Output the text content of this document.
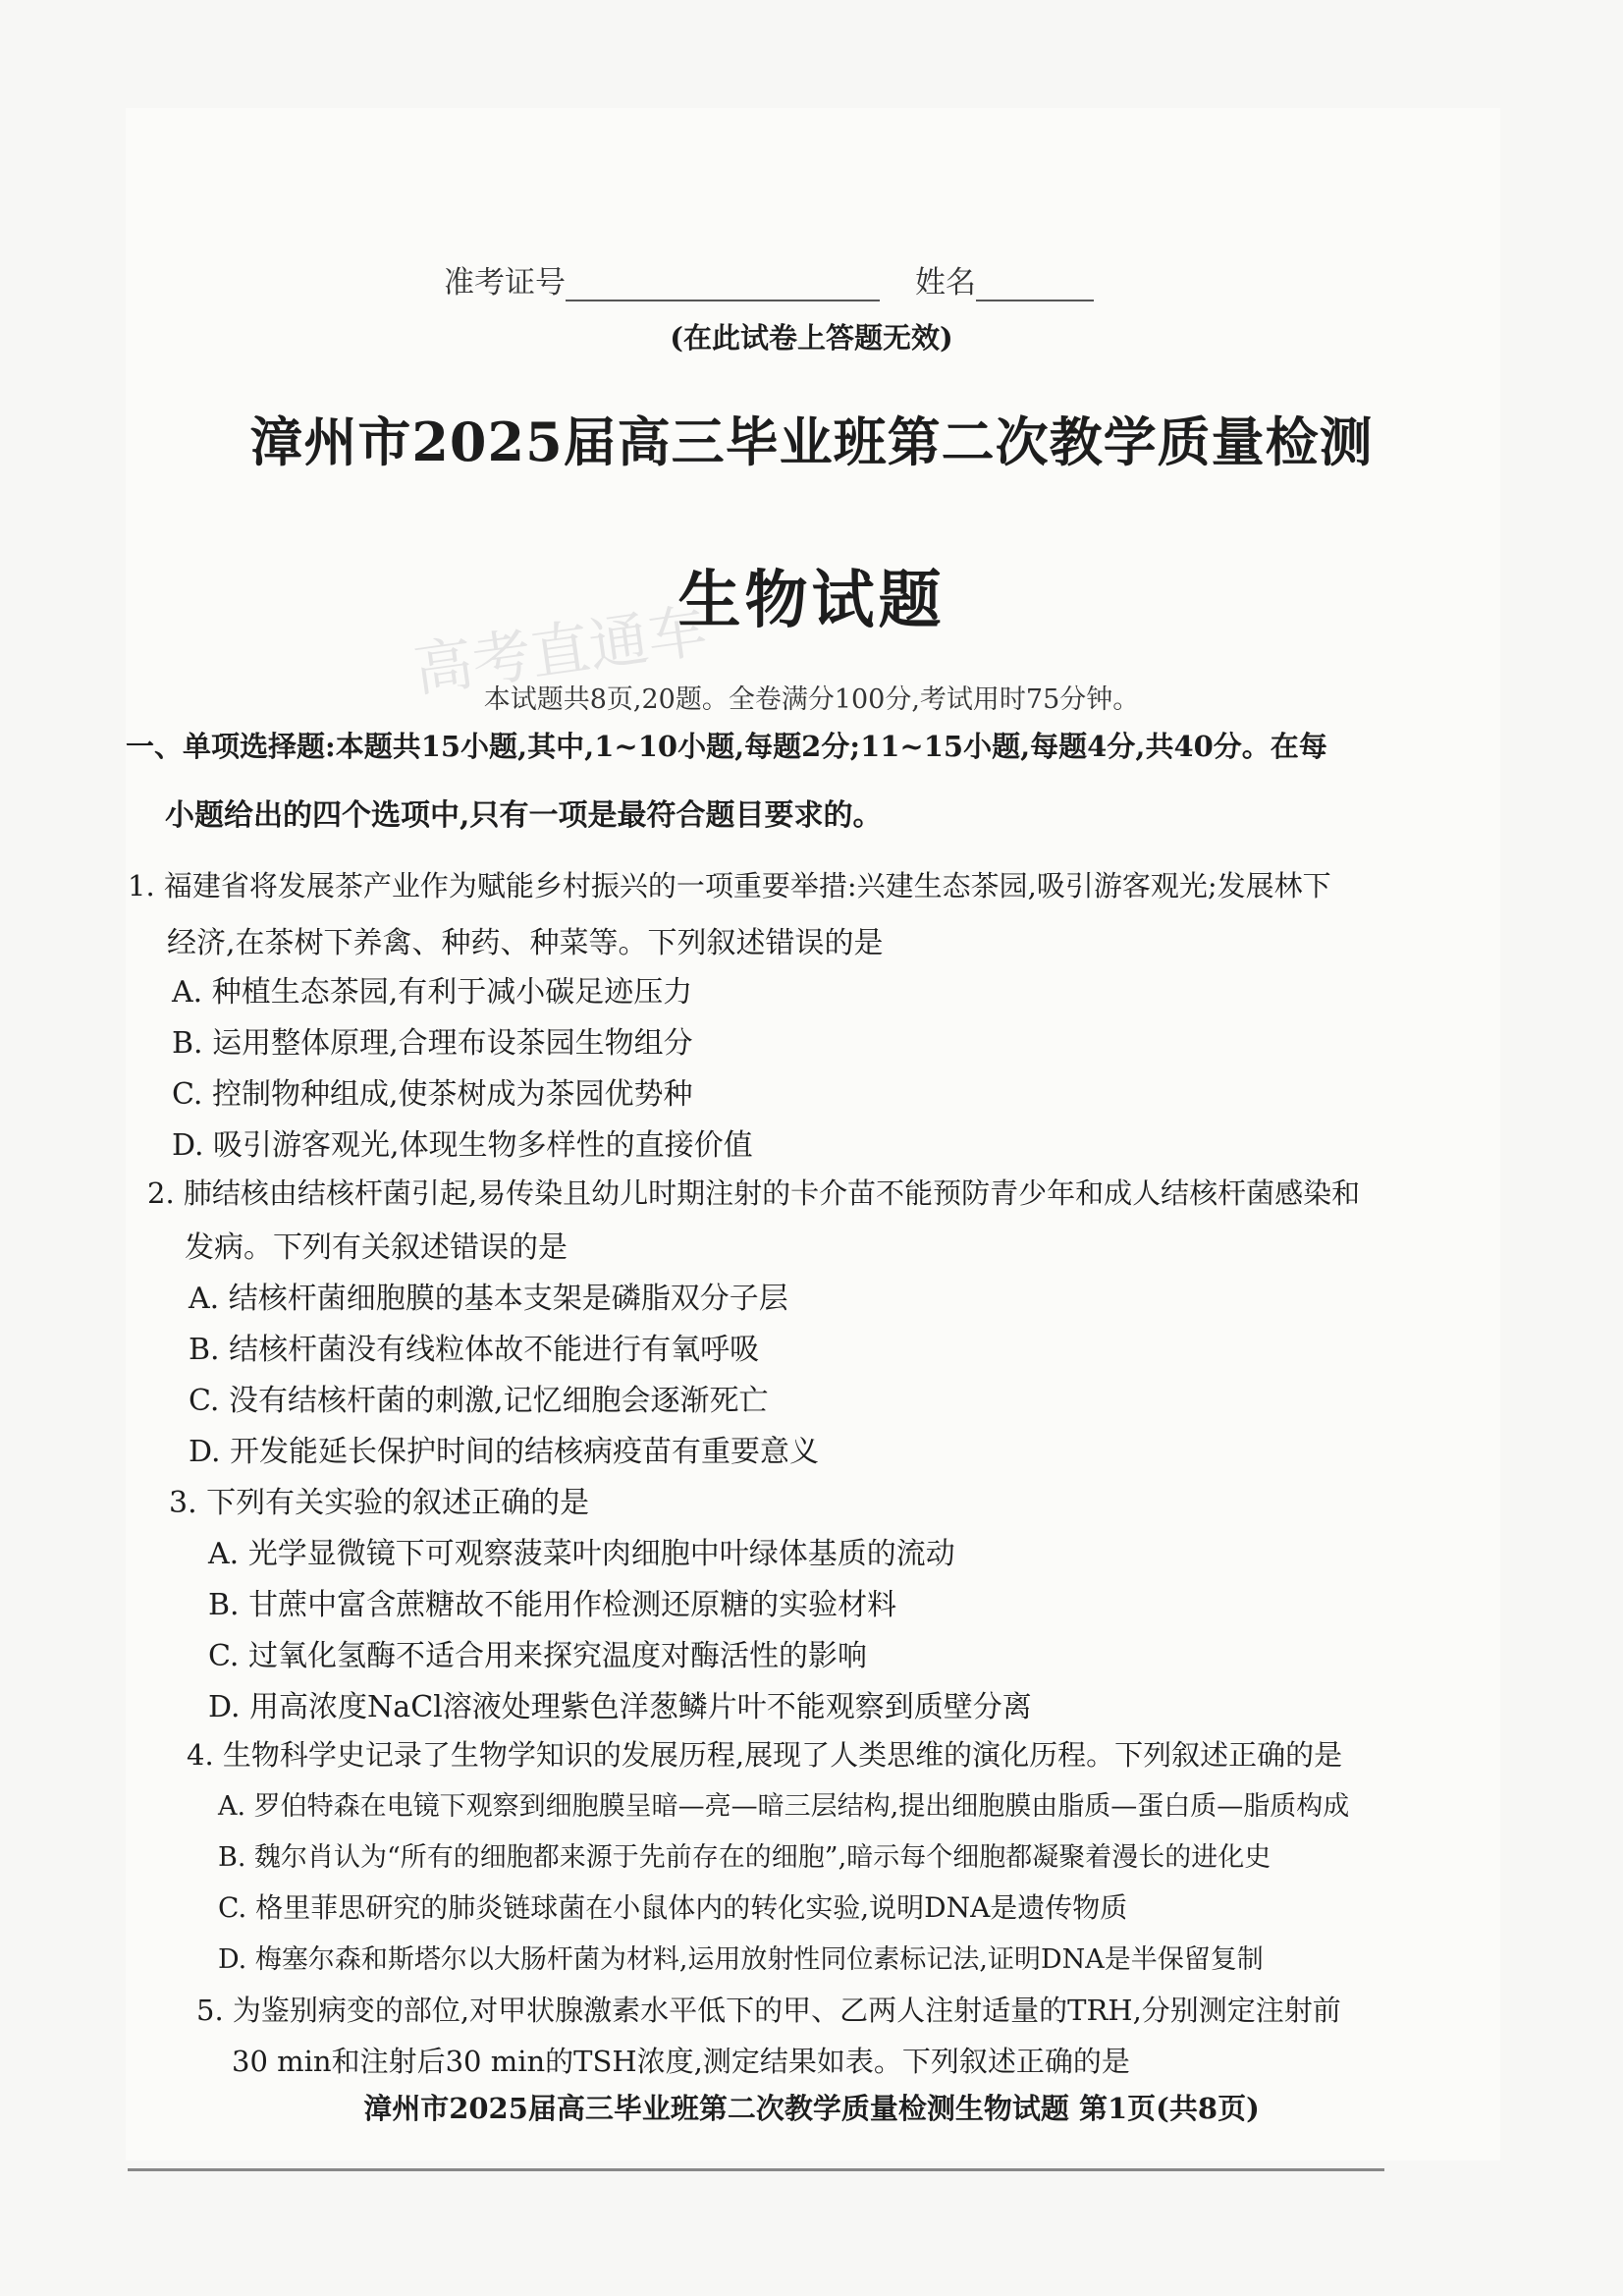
准考证号	姓名
(在此试卷上答题无效)
漳州市2025届高三毕业班第二次教学质量检测
高考直通车
生物试题
本试题共8页,20题。全卷满分100分,考试用时75分钟。
一、单项选择题:本题共15小题,其中,1~10小题,每题2分;11~15小题,每题4分,共40分。在每
小题给出的四个选项中,只有一项是最符合题目要求的。
1. 福建省将发展茶产业作为赋能乡村振兴的一项重要举措:兴建生态茶园,吸引游客观光;发展林下
经济,在茶树下养禽、种药、种菜等。下列叙述错误的是
A. 种植生态茶园,有利于减小碳足迹压力
B. 运用整体原理,合理布设茶园生物组分
C. 控制物种组成,使茶树成为茶园优势种
D. 吸引游客观光,体现生物多样性的直接价值
2. 肺结核由结核杆菌引起,易传染且幼儿时期注射的卡介苗不能预防青少年和成人结核杆菌感染和
发病。下列有关叙述错误的是
A. 结核杆菌细胞膜的基本支架是磷脂双分子层
B. 结核杆菌没有线粒体故不能进行有氧呼吸
C. 没有结核杆菌的刺激,记忆细胞会逐渐死亡
D. 开发能延长保护时间的结核病疫苗有重要意义
3. 下列有关实验的叙述正确的是
A. 光学显微镜下可观察菠菜叶肉细胞中叶绿体基质的流动
B. 甘蔗中富含蔗糖故不能用作检测还原糖的实验材料
C. 过氧化氢酶不适合用来探究温度对酶活性的影响
D. 用高浓度NaCl溶液处理紫色洋葱鳞片叶不能观察到质壁分离
4. 生物科学史记录了生物学知识的发展历程,展现了人类思维的演化历程。下列叙述正确的是
A. 罗伯特森在电镜下观察到细胞膜呈暗—亮—暗三层结构,提出细胞膜由脂质—蛋白质—脂质构成
B. 魏尔肖认为“所有的细胞都来源于先前存在的细胞”,暗示每个细胞都凝聚着漫长的进化史
C. 格里菲思研究的肺炎链球菌在小鼠体内的转化实验,说明DNA是遗传物质
D. 梅塞尔森和斯塔尔以大肠杆菌为材料,运用放射性同位素标记法,证明DNA是半保留复制
5. 为鉴别病变的部位,对甲状腺激素水平低下的甲、乙两人注射适量的TRH,分别测定注射前
30 min和注射后30 min的TSH浓度,测定结果如表。下列叙述正确的是
漳州市2025届高三毕业班第二次教学质量检测生物试题 第1页(共8页)
